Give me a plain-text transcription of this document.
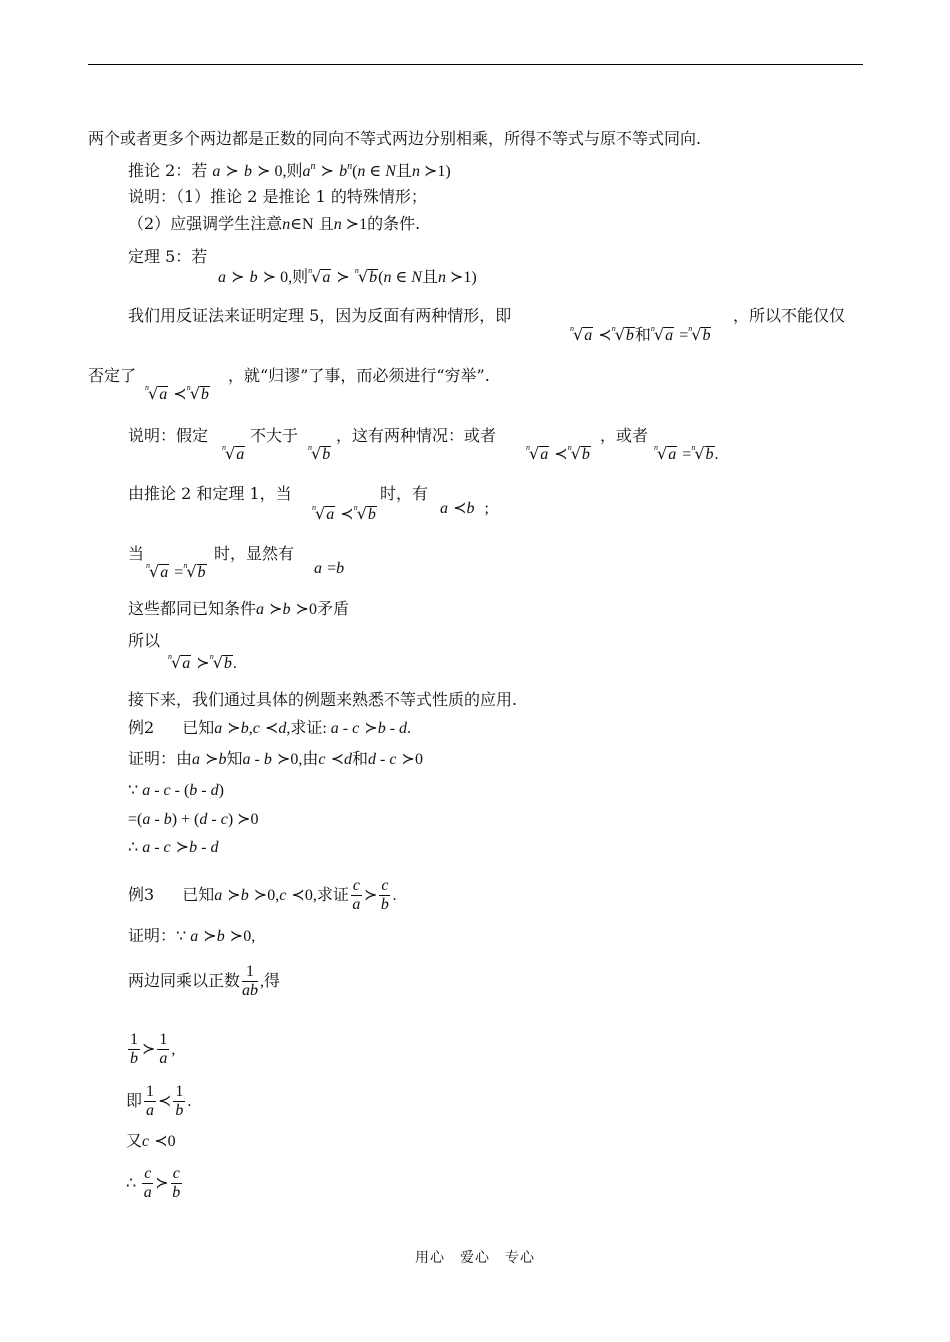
两个或者更多个两边都是正数的同向不等式两边分别相乘，所得不等式与原不等式同向.
推论 2：若 a ≻ b ≻ 0,则$a^n$ ≻ $b^n(n$ ∈ N且n ≻1)
说明：（1）推论 2 是推论 1 的特殊情形；
（2）应强调学生注意n∈N 且n ≻1的条件.
定理 5：若
a ≻ b ≻ 0,则$^n$√a ≻ $^n$√b(n ∈ N且n ≻1)
我们用反证法来证明定理 5，因为反面有两种情形，即
$^n$√a ≺$^n$√b和$^n$√a =$^n$√b
，所以不能仅仅
否定了
$^n$√a ≺$^n$√b
，就“归谬”了事，而必须进行“穷举”.
说明：假定
$^n$√a
不大于
$^n$√b
，这有两种情况：或者
$^n$√a ≺$^n$√b
，或者
$^n$√a =$^n$√b.
由推论 2 和定理 1，当
$^n$√a ≺$^n$√b
时，有
a ≺b ;
当
$^n$√a =$^n$√b
时，显然有
a =b
这些都同已知条件a ≻b ≻0矛盾
所以
$^n$√a ≻$^n$√b.
接下来，我们通过具体的例题来熟悉不等式性质的应用.
例2 已知a ≻b,c ≺d,求证: a - c ≻b - d.
证明：由a ≻b知a - b ≻0,由c ≺d和d - c ≻0
∵ a - c - (b - d)
=(a - b) + (d - c) ≻0
∴ a - c ≻b - d
例3 已知a ≻b ≻0,c ≺0,求证 $\frac{c}{a}$ ≻ $\frac{c}{b}$ .
证明：∵ a ≻b ≻0,
两边同乘以正数 $\frac{1}{ab}$ ,得
$\frac{1}{b}$ ≻ $\frac{1}{a}$ ,
即 $\frac{1}{a}$ ≺ $\frac{1}{b}$ .
又c ≺0
∴ $\frac{c}{a}$ ≻ $\frac{c}{b}$
用心　爱心　专心
